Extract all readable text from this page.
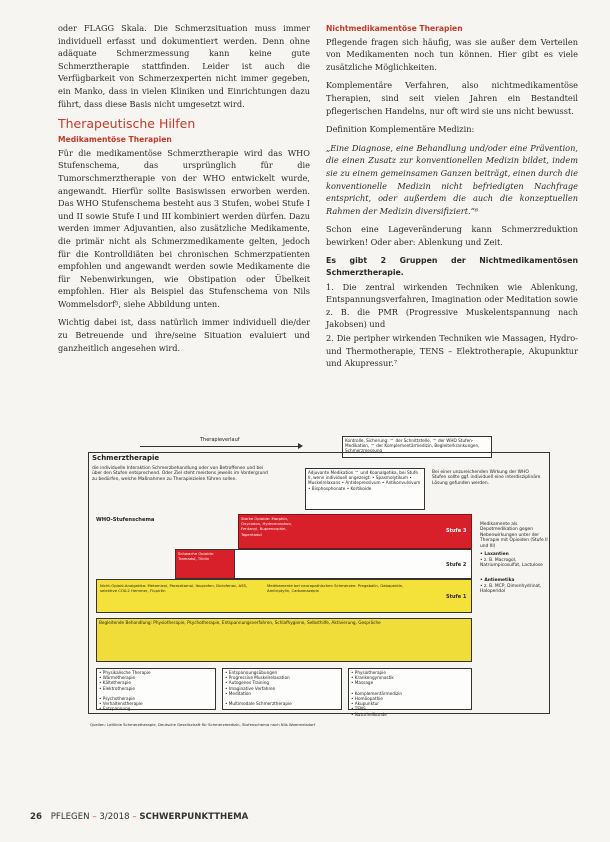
oder FLAGG Skala. Die Schmerzsituation muss immer individuell erfasst und dokumentiert werden. Denn ohne adäquate Schmerzmessung kann keine gute Schmerztherapie stattfinden. Leider ist auch die Verfügbarkeit von Schmerzexperten nicht immer gegeben, ein Manko, dass in vielen Kliniken und Einrichtungen dazu führt, dass diese Basis nicht umgesetzt wird.

Therapeutische Hilfen
Medikamentöse Therapien

Für die medikamentöse Schmerztherapie wird das WHO Stufenschema, das ursprünglich für die Tumorschmerztherapie von der WHO entwickelt wurde, angewandt. Hierfür sollte Basiswissen erworben werden. Das WHO Stufenschema besteht aus 3 Stufen, wobei Stufe I und II sowie Stufe I und III kombiniert werden dürfen. Dazu werden immer Adjuvantien, also zusätzliche Medikamente, die primär nicht als Schmerzmedikamente gelten, jedoch für die Kontrolldiäten bei chronischen Schmerzpatienten empfohlen und angewandt werden sowie Medikamente die für Nebenwirkungen, wie Obstipation oder Übelkeit empfohlen. Hier als Beispiel das Stufenschema von Nils Wommelsdorf⁵, siehe Abbildung unten.

Wichtig dabei ist, dass natürlich immer individuell die/der zu Betreuende und ihre/seine Situation evaluiert und ganzheitlich angesehen wird.

Nichtmedikamentöse Therapien

Pflegende fragen sich häufig, was sie außer dem Verteilen von Medikamenten noch tun können. Hier gibt es viele zusätzliche Möglichkeiten.

Komplementäre Verfahren, also nichtmedikamentöse Therapien, sind seit vielen Jahren ein Bestandteil pflegerischen Handelns, nur oft wird sie uns nicht bewusst.

Definition Komplementäre Medizin:

„Eine Diagnose, eine Behandlung und/oder eine Prävention, die einen Zusatz zur konventionellen Medizin bildet, indem sie zu einem gemeinsamen Ganzen beiträgt, einen durch die konventionelle Medizin nicht befriedigten Nachfrage entspricht, oder außerdem die auch die konzeptuellen Rahmen der Medizin diversifiziert.“⁶

Schon eine Lageveränderung kann Schmerzreduktion bewirken! Oder aber: Ablenkung und Zeit.

Es gibt 2 Gruppen der Nichtmedikamentösen Schmerztherapie.

1. Die zentral wirkenden Techniken wie Ablenkung, Entspannungsverfahren, Imagination oder Meditation sowie z. B. die PMR (Progressive Muskelentspannung nach Jakobsen) und

2. Die peripher wirkenden Techniken wie Massagen, Hydro- und Thermotherapie, TENS – Elektrotherapie, Akupunktur und Akupressur.⁷

Therapieverlauf	Kontrolle, Sicherung: ™ der Schnittstelle, ™ der WHO Stufen-Medikation, ™ der Komplementärmedizin, Begleiterkrankungen, Schmerzmessung
Schmerztherapie
die individuelle Interaktion Schmerzbehandlung oder von Betroffenen und bei über den Stufen entsprechend. Oder Ziel steht meistens jeweils im Vordergrund zu bedürfen, welche Maßnahmen zu Therapiezielen führen sollen.
Adjuvante Medikation ™ und Koanalgetika, bei Stufe II, wenn individuell angezeigt: • Spasmolytikum • Muskelrelaxans • Antidepressivum • Antikonvulsivum • Bisphosphonate • Kortikoide
Bei einer unzureichenden Wirkung der WHO Stufen sollte ggf. individuell eine interdisziplinäre Lösung gefunden werden.
WHO-Stufenschema	Starke Opioide: Morphin, Oxycodon, Hydromorphon, Fentanyl, Buprenorphin, Tapentadol
Stufe 3
Schwache Opioide: Tramadol, Tilidin
Stufe 2
Nicht-Opioid-Analgetika: Metamizol, Paracetamol, Ibuprofen, Diclofenac, ASS, selektive COX-2 Hemmer, Flupirtin
Medikamente bei neuropathischen Schmerzen: Pregabalin, Gabapentin, Amitriptylin, Carbamazepin
Stufe 1
Medikamente als Depotmedikation gegen Nebenwirkungen unter der Therapie mit Opioiden (Stufe II und III)
• Laxantien
• z. B. Macrogol, Natriumpicosulfat, Lactulose
• Antiemetika
• z. B. MCP, Dimenhydrinat, Haloperidol
Begleitende Behandlung: Physiotherapie, Psychotherapie, Entspannungsverfahren, Schlafhygiene, Selbsthilfe, Aktivierung, Gespräche
• Physikalische Therapie
• Wärmetherapie
• Kältetherapie
• Elektrotherapie

• Psychotherapie
• Verhaltenstherapie
• Entspannung
• Entspannungsübungen
• Progressive Muskelrelaxation
• Autogenes Training
• Imaginative Verfahren
• Meditation

• Multimodale Schmerztherapie
• Physiotherapie
• Krankengymnastik
• Massage

• Komplementärmedizin
• Homöopathie
• Akupunktur
• TENS
• Naturheilkunde
Quellen: Leitlinie Schmerztherapie, Deutsche Gesellschaft für Schmerzmedizin, Stufenschema nach Nils Wommelsdorf
26 PFLEGEN – 3/2018 – SCHWERPUNKTTHEMA
